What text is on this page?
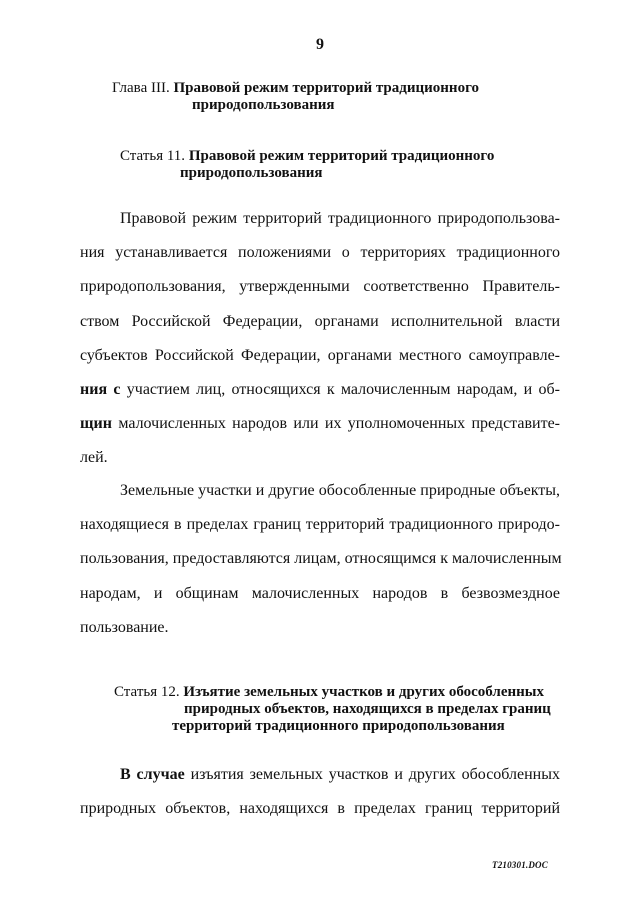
9
Глава III. Правовой режим территорий традиционного
природопользования
Статья 11. Правовой режим территорий традиционного
природопользования
Правовой режим территорий традиционного природопользова-
ния устанавливается положениями о территориях традиционного
природопользования, утвержденными соответственно Правитель-
ством Российской Федерации, органами исполнительной власти
субъектов Российской Федерации, органами местного самоуправле-
ния с участием лиц, относящихся к малочисленным народам, и об-
щин малочисленных народов или их уполномоченных представите-
лей.
Земельные участки и другие обособленные природные объекты,
находящиеся в пределах границ территорий традиционного природо-
пользования, предоставляются лицам, относящимся к малочисленным
народам, и общинам малочисленных народов в безвозмездное
пользование.
Статья 12. Изъятие земельных участков и других обособленных
природных объектов, находящихся в пределах границ
территорий традиционного природопользования
В случае изъятия земельных участков и других обособленных
природных объектов, находящихся в пределах границ территорий
T210301.DOC
